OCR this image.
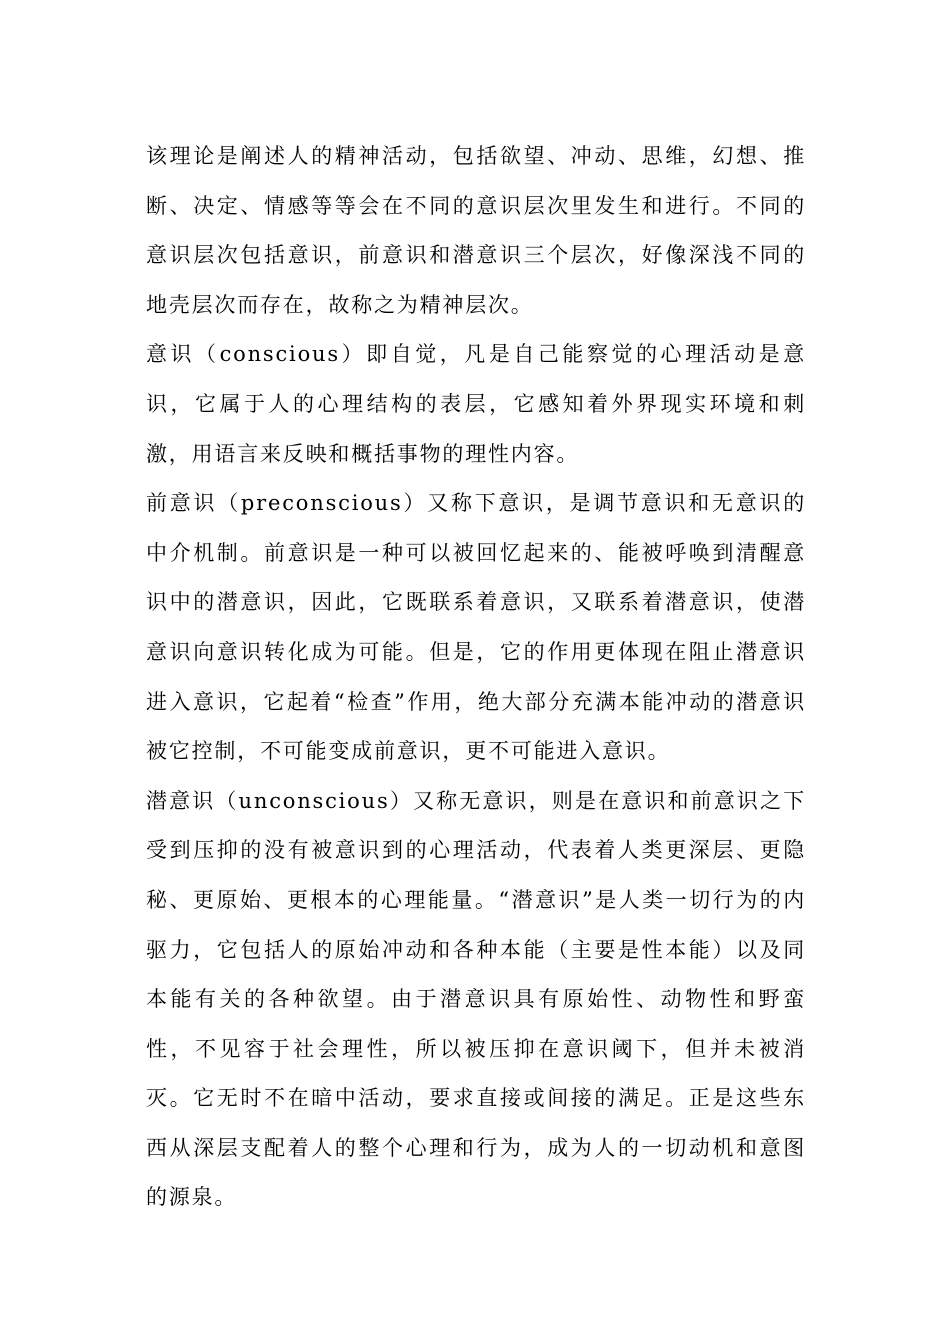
该理论是阐述人的精神活动，包括欲望、冲动、思维，幻想、推断、决定、情感等等会在不同的意识层次里发生和进行。不同的意识层次包括意识，前意识和潜意识三个层次，好像深浅不同的地壳层次而存在，故称之为精神层次。

意识（conscious）即自觉，凡是自己能察觉的心理活动是意识，它属于人的心理结构的表层，它感知着外界现实环境和刺激，用语言来反映和概括事物的理性内容。

前意识（preconscious）又称下意识，是调节意识和无意识的中介机制。前意识是一种可以被回忆起来的、能被呼唤到清醒意识中的潜意识，因此，它既联系着意识，又联系着潜意识，使潜意识向意识转化成为可能。但是，它的作用更体现在阻止潜意识进入意识，它起着“检查”作用，绝大部分充满本能冲动的潜意识被它控制，不可能变成前意识，更不可能进入意识。

潜意识（unconscious）又称无意识，则是在意识和前意识之下受到压抑的没有被意识到的心理活动，代表着人类更深层、更隐秘、更原始、更根本的心理能量。“潜意识”是人类一切行为的内驱力，它包括人的原始冲动和各种本能（主要是性本能）以及同本能有关的各种欲望。由于潜意识具有原始性、动物性和野蛮性，不见容于社会理性，所以被压抑在意识阈下，但并未被消灭。它无时不在暗中活动，要求直接或间接的满足。正是这些东西从深层支配着人的整个心理和行为，成为人的一切动机和意图的源泉。
